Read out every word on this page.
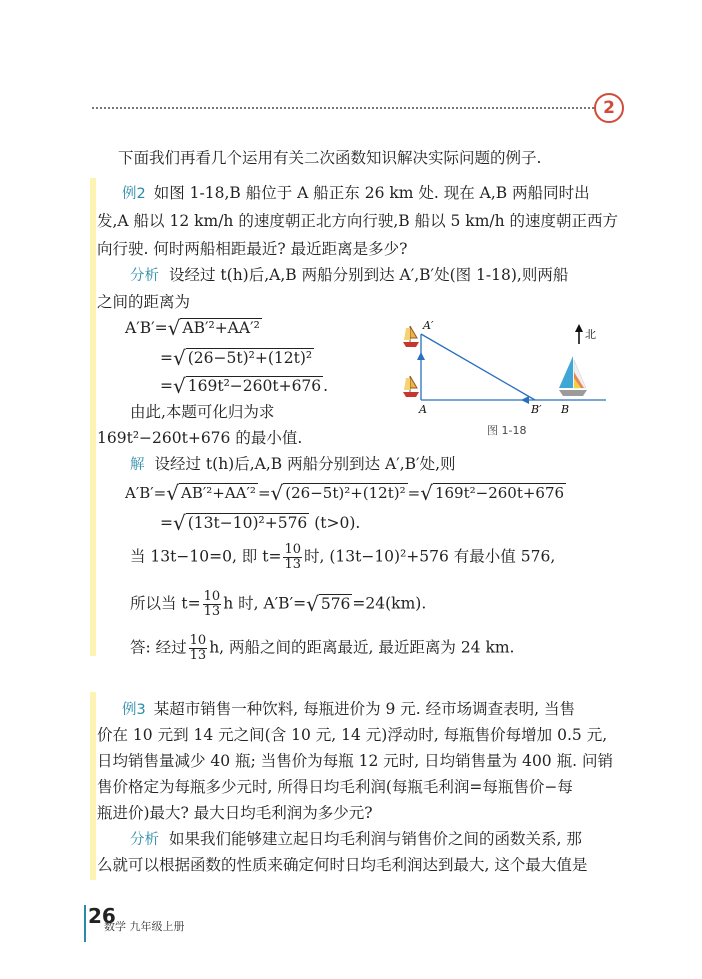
2
下面我们再看几个运用有关二次函数知识解决实际问题的例子.
例2 如图 1-18,B 船位于 A 船正东 26 km 处. 现在 A,B 两船同时出
发,A 船以 12 km/h 的速度朝正北方向行驶,B 船以 5 km/h 的速度朝正西方
向行驶. 何时两船相距最近? 最近距离是多少?
分析 设经过 t(h)后,A,B 两船分别到达 A′,B′处(图 1-18),则两船
之间的距离为
A′B′=√ AB′²+AA′²
=√ (26−5t)²+(12t)²
=√ 169t²−260t+676 .
由此,本题可化归为求
169t²−260t+676 的最小值.
解 设经过 t(h)后,A,B 两船分别到达 A′,B′处,则
A′B′=√ AB′²+AA′² =√ (26−5t)²+(12t)² =√ 169t²−260t+676
=√ (13t−10)²+576 (t>0).
当 13t−10=0, 即 $t= \frac{10}{13}$ 时, (13t−10)²+576 有最小值 576,
所以当 $t= \frac{10}{13}$ h 时, A′B′=√ 576 =24(km).
答: 经过 $\frac{10}{13} h$, 两船之间的距离最近, 最近距离为 24 km.
北
A′
A	B′ B
图 1-18
例3 某超市销售一种饮料, 每瓶进价为 9 元. 经市场调查表明, 当售
价在 10 元到 14 元之间(含 10 元, 14 元)浮动时, 每瓶售价每增加 0.5 元,
日均销售量减少 40 瓶; 当售价为每瓶 12 元时, 日均销售量为 400 瓶. 问销
售价格定为每瓶多少元时, 所得日均毛利润(每瓶毛利润=每瓶售价−每
瓶进价)最大? 最大日均毛利润为多少元?
分析 如果我们能够建立起日均毛利润与销售价之间的函数关系, 那
么就可以根据函数的性质来确定何时日均毛利润达到最大, 这个最大值是
26
数学 九年级上册
